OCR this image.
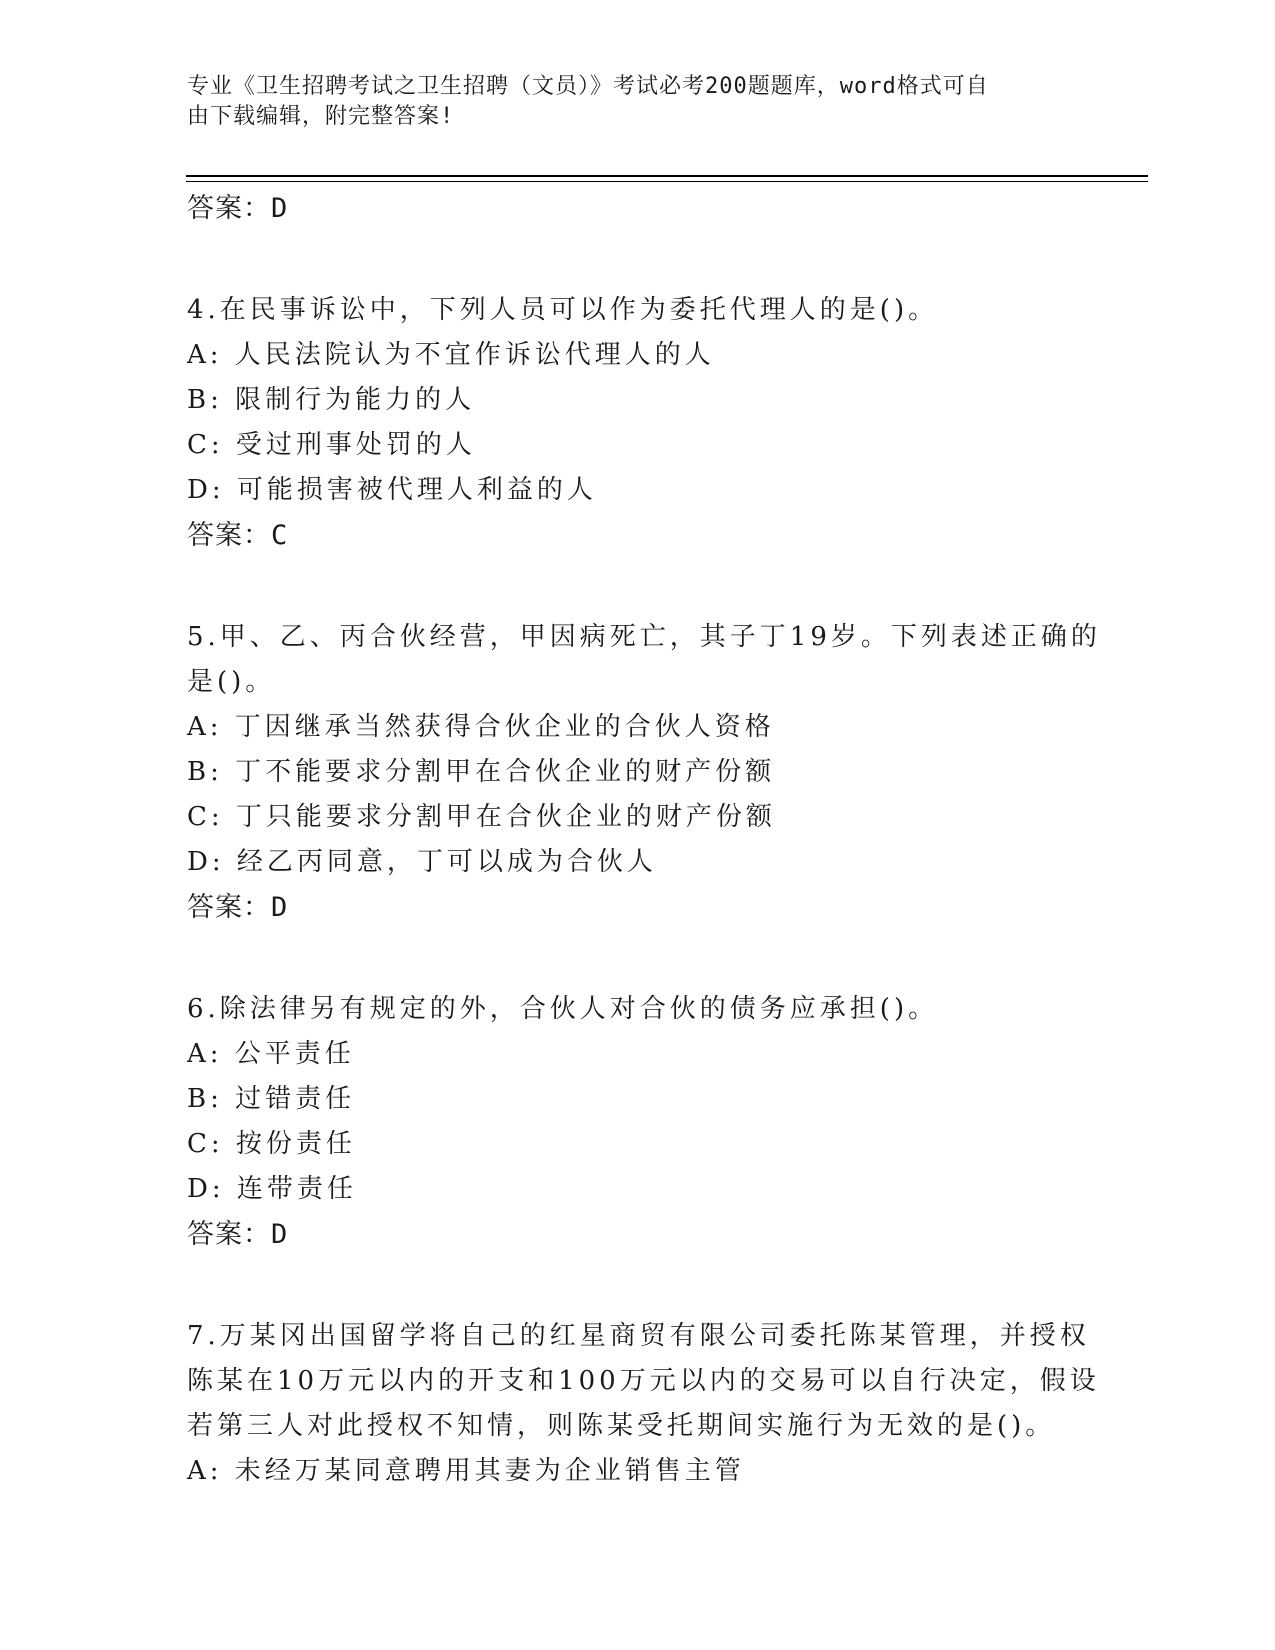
专业《卫生招聘考试之卫生招聘（文员）》考试必考200题题库，word格式可自
由下载编辑，附完整答案!
答案：D
4.在民事诉讼中，下列人员可以作为委托代理人的是()。
A: 人民法院认为不宜作诉讼代理人的人
B: 限制行为能力的人
C: 受过刑事处罚的人
D: 可能损害被代理人利益的人
答案：C
5.甲、乙、丙合伙经营，甲因病死亡，其子丁19岁。下列表述正确的
是()。
A: 丁因继承当然获得合伙企业的合伙人资格
B: 丁不能要求分割甲在合伙企业的财产份额
C: 丁只能要求分割甲在合伙企业的财产份额
D: 经乙丙同意，丁可以成为合伙人
答案：D
6.除法律另有规定的外，合伙人对合伙的债务应承担()。
A: 公平责任
B: 过错责任
C: 按份责任
D: 连带责任
答案：D
7.万某冈出国留学将自己的红星商贸有限公司委托陈某管理，并授权
陈某在10万元以内的开支和100万元以内的交易可以自行决定，假设
若第三人对此授权不知情，则陈某受托期间实施行为无效的是()。
A: 未经万某同意聘用其妻为企业销售主管
